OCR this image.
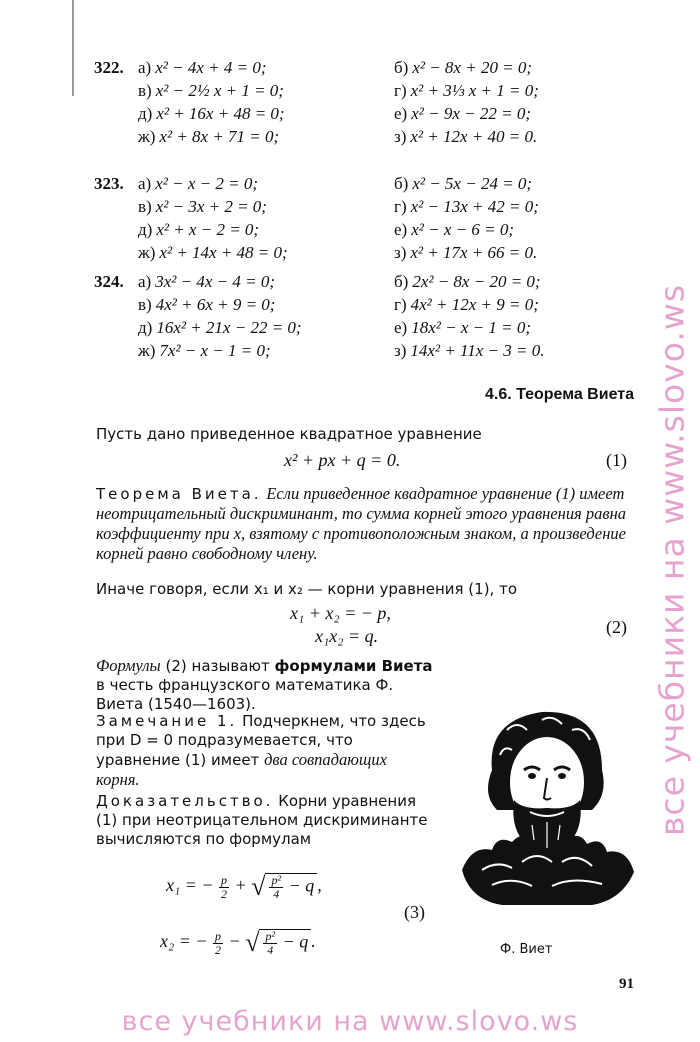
322. а) x² − 4x + 4 = 0;	б) x² − 8x + 20 = 0;
в) x² − 2½ x + 1 = 0;	г) x² + 3⅓ x + 1 = 0;
д) x² + 16x + 48 = 0;	е) x² − 9x − 22 = 0;
ж) x² + 8x + 71 = 0;	з) x² + 12x + 40 = 0.
323. а) x² − x − 2 = 0;	б) x² − 5x − 24 = 0;
в) x² − 3x + 2 = 0;	г) x² − 13x + 42 = 0;
д) x² + x − 2 = 0;	е) x² − x − 6 = 0;
ж) x² + 14x + 48 = 0;	з) x² + 17x + 66 = 0.
324. а) 3x² − 4x − 4 = 0;	б) 2x² − 8x − 20 = 0;
в) 4x² + 6x + 9 = 0;	г) 4x² + 12x + 9 = 0;
д) 16x² + 21x − 22 = 0;	е) 18x² − x − 1 = 0;
ж) 7x² − x − 1 = 0;	з) 14x² + 11x − 3 = 0.
4.6. Теорема Виета
Пусть дано приведенное квадратное уравнение
x² + px + q = 0.	(1)
Теорема Виета. Если приведенное квадратное уравнение (1) имеет неотрицательный дискриминант, то сумма корней этого уравнения равна коэффициенту при x, взятому с противоположным знаком, а произведение корней равно свободному члену.
Иначе говоря, если x₁ и x₂ — корни уравнения (1), то
x₁ + x₂ = − p,
x₁x₂ = q.	(2)
Формулы (2) называют формулами Виета в честь французского математика Ф. Виета (1540—1603).
Замечание 1. Подчеркнем, что здесь при D = 0 подразумевается, что уравнение (1) имеет два совпадающих корня.
Доказательство. Корни уравнения (1) при неотрицательном дискриминанте вычисляются по формулам
x₁ = − $\frac{p}{2}$ + √ $\frac{\text{p²}}{4} - q$ ,
x₂ = − $\frac{p}{2}$ − √ $\frac{\text{p²}}{4} - q$ .
(3)
Ф. Виет
91
все учебники на www.slovo.ws
все учебники на www.slovo.ws
